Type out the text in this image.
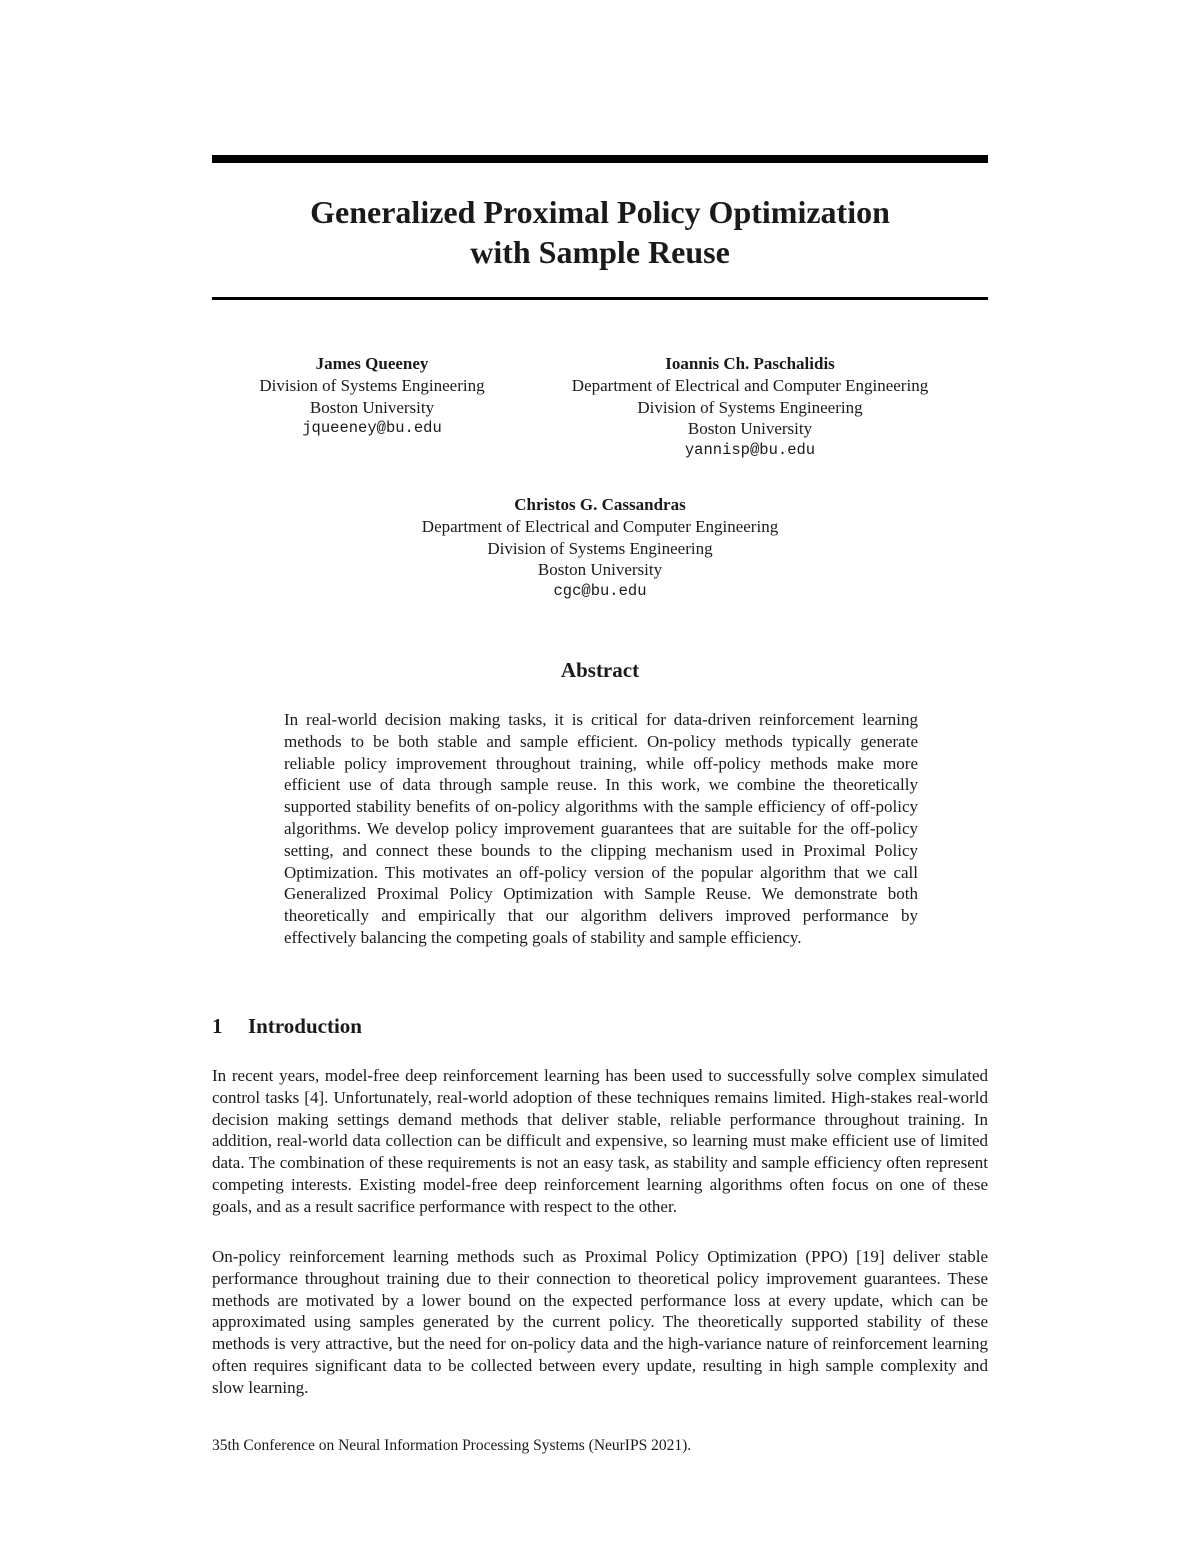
Generalized Proximal Policy Optimization
with Sample Reuse
James Queeney
Division of Systems Engineering
Boston University
jqueeney@bu.edu
Ioannis Ch. Paschalidis
Department of Electrical and Computer Engineering
Division of Systems Engineering
Boston University
yannisp@bu.edu
Christos G. Cassandras
Department of Electrical and Computer Engineering
Division of Systems Engineering
Boston University
cgc@bu.edu
Abstract
In real-world decision making tasks, it is critical for data-driven reinforcement learning methods to be both stable and sample efficient. On-policy methods typically generate reliable policy improvement throughout training, while off-policy methods make more efficient use of data through sample reuse. In this work, we combine the theoretically supported stability benefits of on-policy algorithms with the sample efficiency of off-policy algorithms. We develop policy improvement guarantees that are suitable for the off-policy setting, and connect these bounds to the clipping mechanism used in Proximal Policy Optimization. This motivates an off-policy version of the popular algorithm that we call Generalized Proximal Policy Optimization with Sample Reuse. We demonstrate both theoretically and empirically that our algorithm delivers improved performance by effectively balancing the competing goals of stability and sample efficiency.
1 Introduction

In recent years, model-free deep reinforcement learning has been used to successfully solve complex simulated control tasks [4]. Unfortunately, real-world adoption of these techniques remains limited. High-stakes real-world decision making settings demand methods that deliver stable, reliable performance throughout training. In addition, real-world data collection can be difficult and expensive, so learning must make efficient use of limited data. The combination of these requirements is not an easy task, as stability and sample efficiency often represent competing interests. Existing model-free deep reinforcement learning algorithms often focus on one of these goals, and as a result sacrifice performance with respect to the other.

On-policy reinforcement learning methods such as Proximal Policy Optimization (PPO) [19] deliver stable performance throughout training due to their connection to theoretical policy improvement guarantees. These methods are motivated by a lower bound on the expected performance loss at every update, which can be approximated using samples generated by the current policy. The theoretically supported stability of these methods is very attractive, but the need for on-policy data and the high-variance nature of reinforcement learning often requires significant data to be collected between every update, resulting in high sample complexity and slow learning.

35th Conference on Neural Information Processing Systems (NeurIPS 2021).
